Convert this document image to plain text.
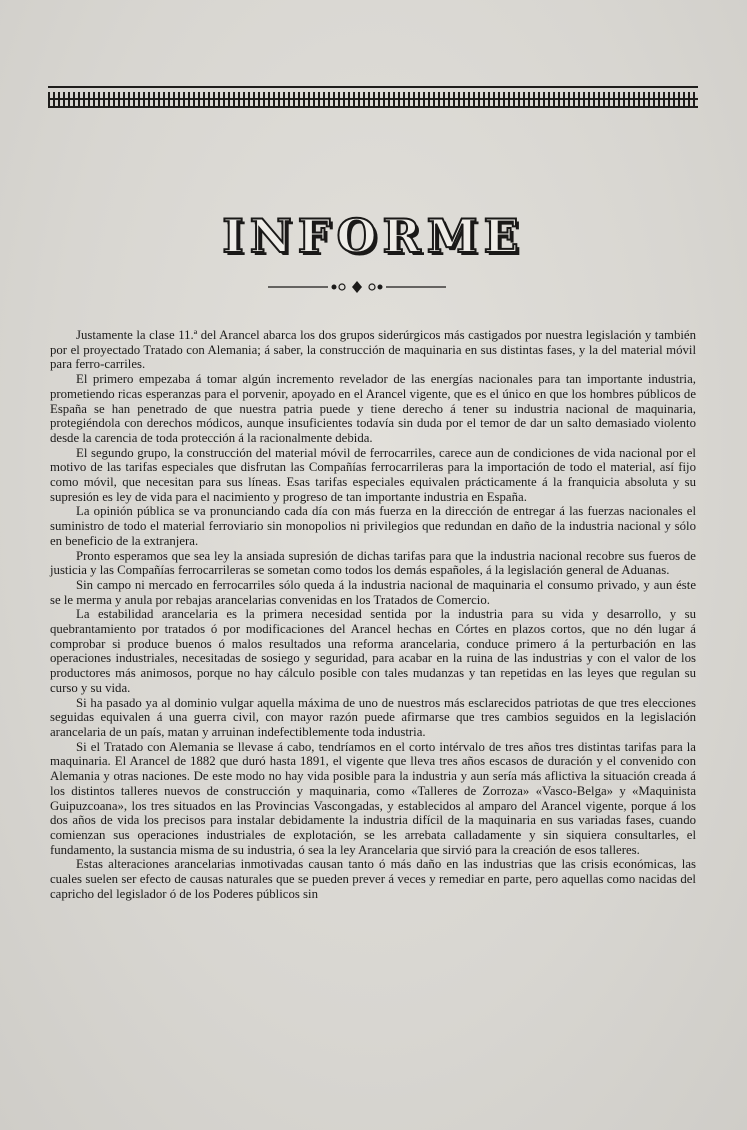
INFORME

Justamente la clase 11.ª del Arancel abarca los dos grupos siderúrgicos más castigados por nuestra legislación y también por el proyectado Tratado con Alemania; á saber, la construcción de maquinaria en sus distintas fases, y la del material móvil para ferro-carriles.

El primero empezaba á tomar algún incremento revelador de las energías nacionales para tan importante industria, prometiendo ricas esperanzas para el porvenir, apoyado en el Arancel vigente, que es el único en que los hombres públicos de España se han penetrado de que nuestra patria puede y tiene derecho á tener su industria nacional de maquinaria, protegiéndola con derechos módicos, aunque insuficientes todavía sin duda por el temor de dar un salto demasiado violento desde la carencia de toda protección á la racionalmente debida.

El segundo grupo, la construcción del material móvil de ferrocarriles, carece aun de condiciones de vida nacional por el motivo de las tarifas especiales que disfrutan las Compañías ferrocarrileras para la importación de todo el material, así fijo como móvil, que necesitan para sus líneas. Esas tarifas especiales equivalen prácticamente á la franquicia absoluta y su supresión es ley de vida para el nacimiento y progreso de tan importante industria en España.

La opinión pública se va pronunciando cada día con más fuerza en la dirección de entregar á las fuerzas nacionales el suministro de todo el material ferroviario sin monopolios ni privilegios que redundan en daño de la industria nacional y sólo en beneficio de la extranjera.

Pronto esperamos que sea ley la ansiada supresión de dichas tarifas para que la industria nacional recobre sus fueros de justicia y las Compañías ferrocarrileras se sometan como todos los demás españoles, á la legislación general de Aduanas.

Sin campo ni mercado en ferrocarriles sólo queda á la industria nacional de maquinaria el consumo privado, y aun éste se le merma y anula por rebajas arancelarias convenidas en los Tratados de Comercio.

La estabilidad arancelaria es la primera necesidad sentida por la industria para su vida y desarrollo, y su quebrantamiento por tratados ó por modificaciones del Arancel hechas en Córtes en plazos cortos, que no dén lugar á comprobar si produce buenos ó malos resultados una reforma arancelaria, conduce primero á la perturbación en las operaciones industriales, necesitadas de sosiego y seguridad, para acabar en la ruina de las industrias y con el valor de los productores más animosos, porque no hay cálculo posible con tales mudanzas y tan repetidas en las leyes que regulan su curso y su vida.

Si ha pasado ya al dominio vulgar aquella máxima de uno de nuestros más esclarecidos patriotas de que tres elecciones seguidas equivalen á una guerra civil, con mayor razón puede afirmarse que tres cambios seguidos en la legislación arancelaria de un país, matan y arruinan indefectiblemente toda industria.

Si el Tratado con Alemania se llevase á cabo, tendríamos en el corto intérvalo de tres años tres distintas tarifas para la maquinaria. El Arancel de 1882 que duró hasta 1891, el vigente que lleva tres años escasos de duración y el convenido con Alemania y otras naciones. De este modo no hay vida posible para la industria y aun sería más aflictiva la situación creada á los distintos talleres nuevos de construcción y maquinaria, como «Talleres de Zorroza» «Vasco-Belga» y «Maquinista Guipuzcoana», los tres situados en las Provincias Vascongadas, y establecidos al amparo del Arancel vigente, porque á los dos años de vida los precisos para instalar debidamente la industria difícil de la maquinaria en sus variadas fases, cuando comienzan sus operaciones industriales de explotación, se les arrebata calladamente y sin siquiera consultarles, el fundamento, la sustancia misma de su industria, ó sea la ley Arancelaria que sirvió para la creación de esos talleres.

Estas alteraciones arancelarias inmotivadas causan tanto ó más daño en las industrias que las crisis económicas, las cuales suelen ser efecto de causas naturales que se pueden prever á veces y remediar en parte, pero aquellas como nacidas del capricho del legislador ó de los Poderes públicos sin
